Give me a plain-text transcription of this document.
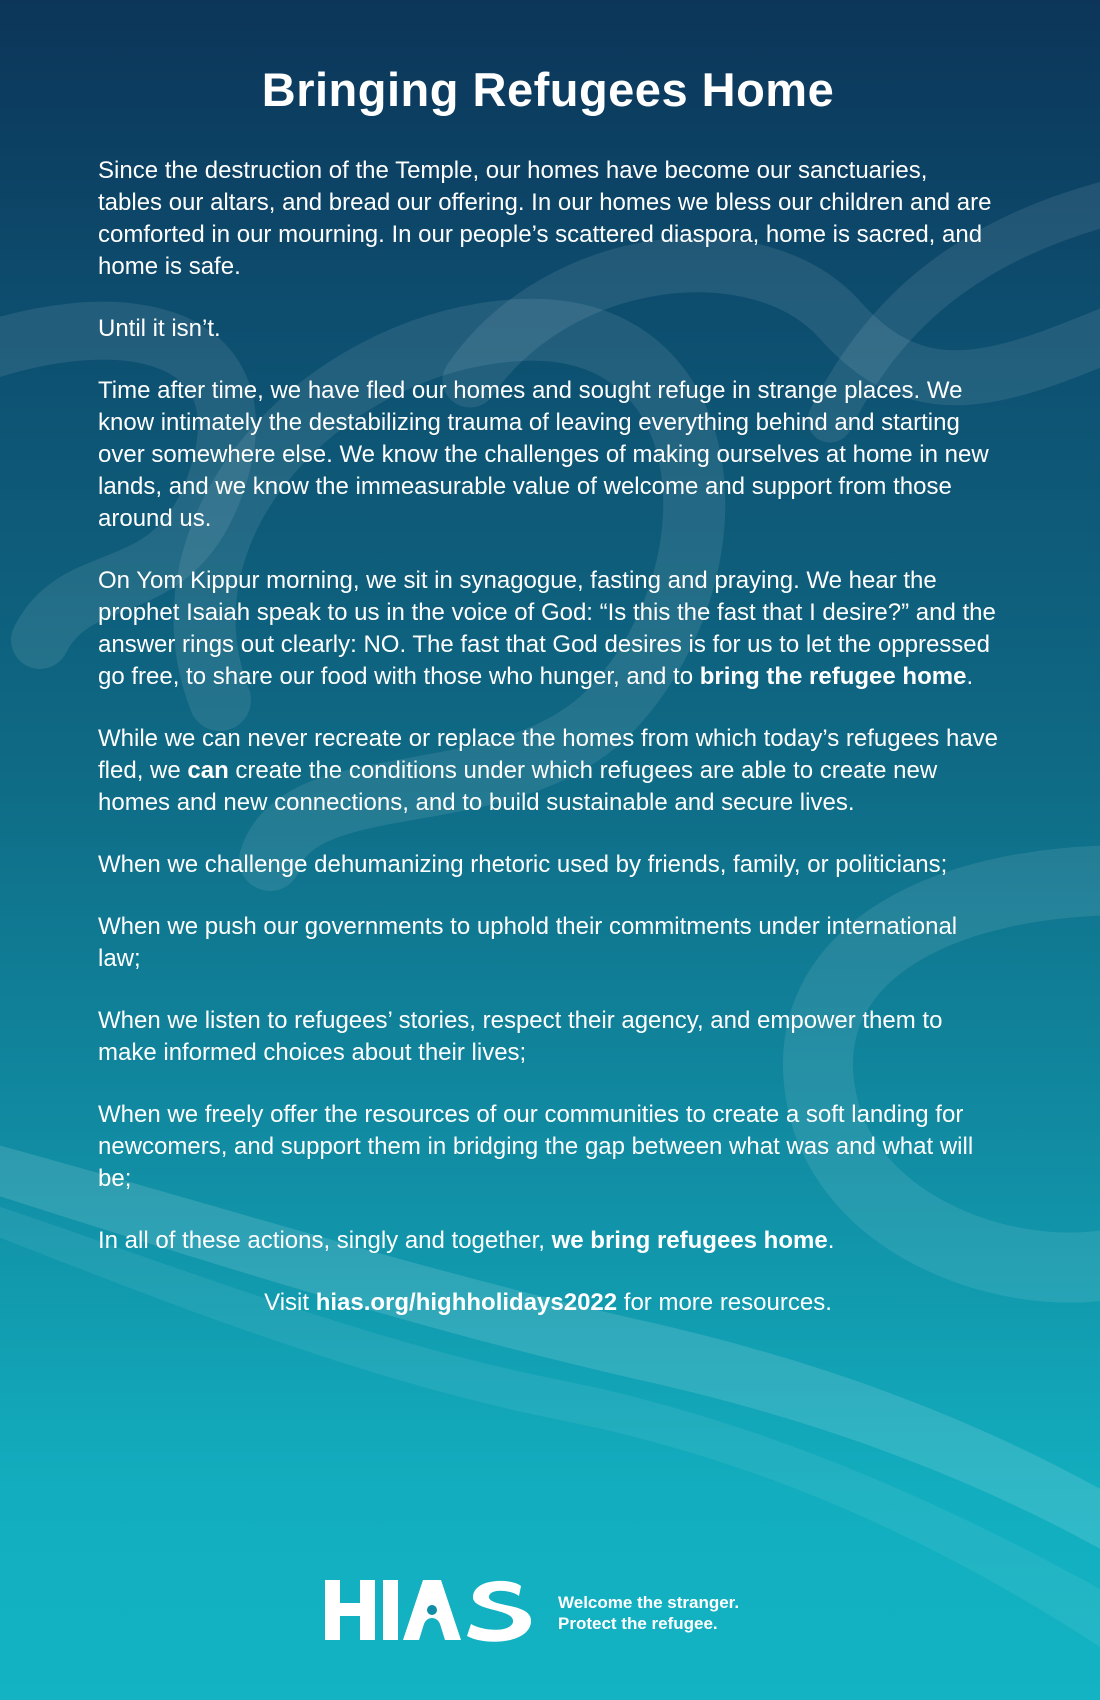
Bringing Refugees Home

Since the destruction of the Temple, our homes have become our sanctuaries, tables our altars, and bread our offering. In our homes we bless our children and are comforted in our mourning. In our people’s scattered diaspora, home is sacred, and home is safe.

Until it isn’t.

Time after time, we have fled our homes and sought refuge in strange places. We know intimately the destabilizing trauma of leaving everything behind and starting over somewhere else. We know the challenges of making ourselves at home in new lands, and we know the immeasurable value of welcome and support from those around us.

On Yom Kippur morning, we sit in synagogue, fasting and praying. We hear the prophet Isaiah speak to us in the voice of God: “Is this the fast that I desire?” and the answer rings out clearly: NO. The fast that God desires is for us to let the oppressed go free, to share our food with those who hunger, and to bring the refugee home.

While we can never recreate or replace the homes from which today’s refugees have fled, we can create the conditions under which refugees are able to create new homes and new connections, and to build sustainable and secure lives.

When we challenge dehumanizing rhetoric used by friends, family, or politicians;

When we push our governments to uphold their commitments under international law;

When we listen to refugees’ stories, respect their agency, and empower them to make informed choices about their lives;

When we freely offer the resources of our communities to create a soft landing for newcomers, and support them in bridging the gap between what was and what will be;

In all of these actions, singly and together, we bring refugees home.

Visit hias.org/highholidays2022 for more resources.

Welcome the stranger.
Protect the refugee.
